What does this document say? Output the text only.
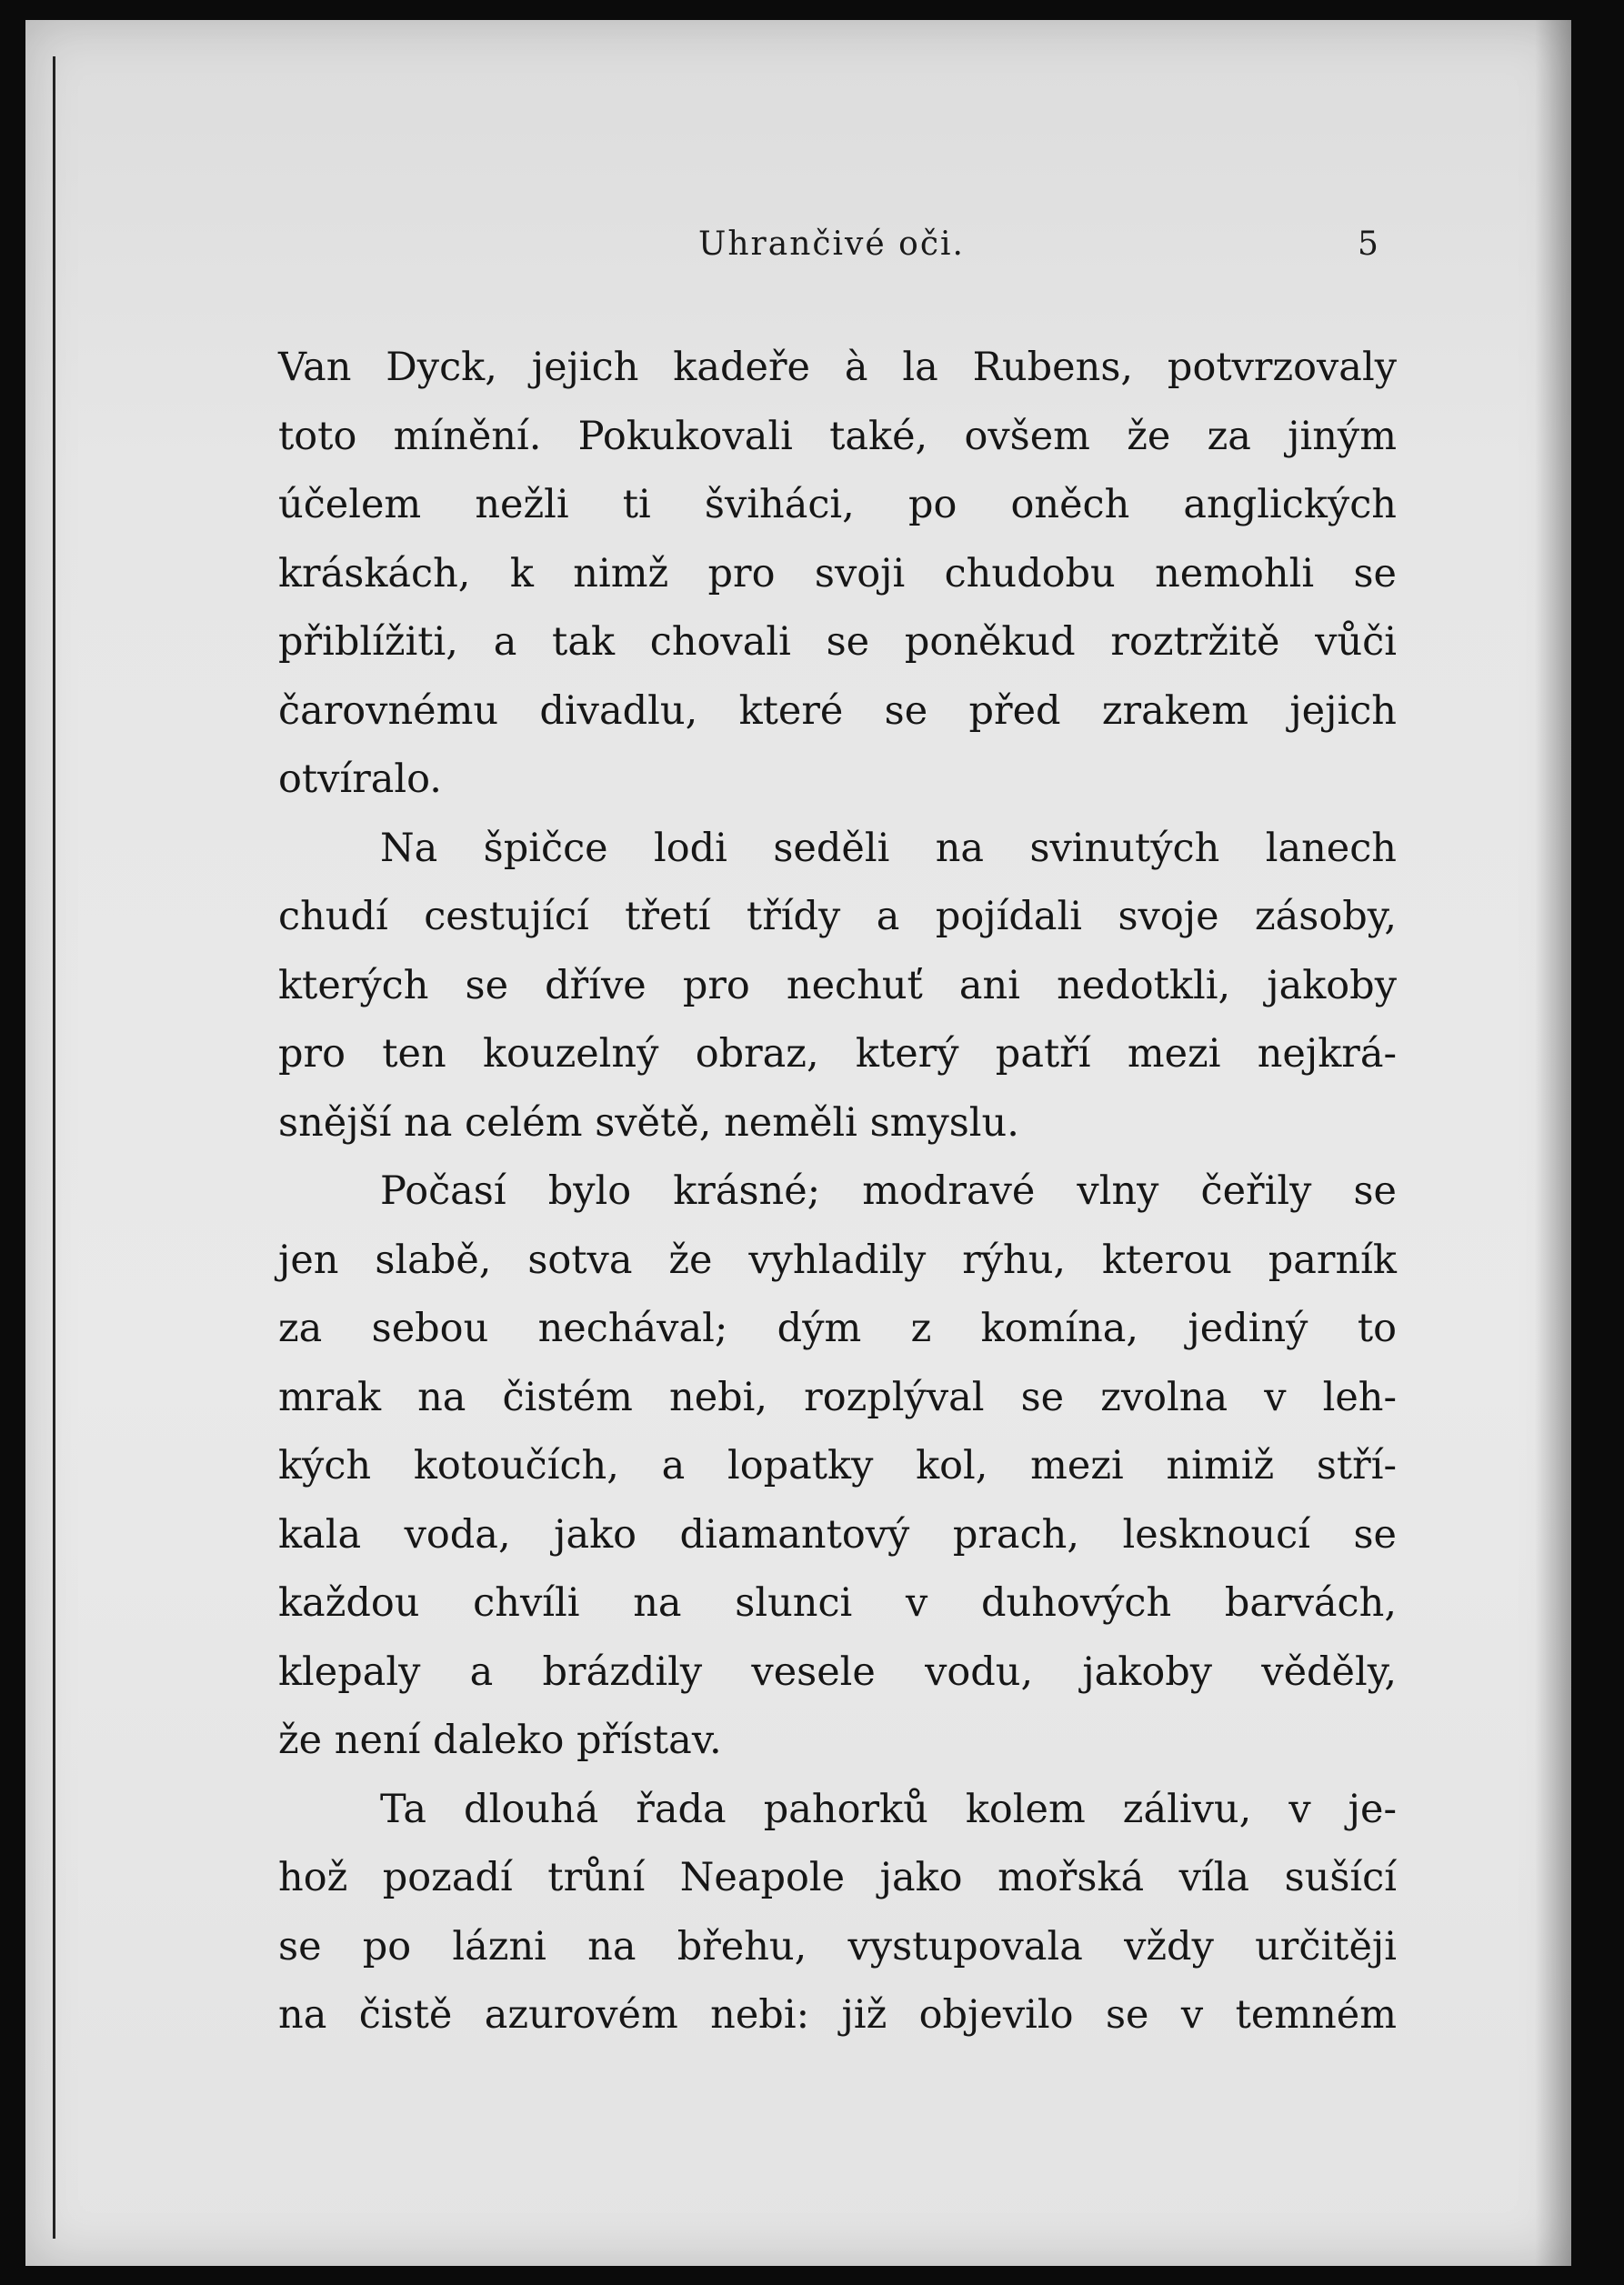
Uhrančivé oči.	5
Van Dyck, jejich kadeře à la Rubens, potvrzovaly
toto mínění. Pokukovali také, ovšem že za jiným
účelem nežli ti šviháci, po oněch anglických
kráskách, k nimž pro svoji chudobu nemohli se
přiblížiti, a tak chovali se poněkud roztržitě vůči
čarovnému divadlu, které se před zrakem jejich
otvíralo.
Na špičce lodi seděli na svinutých lanech
chudí cestující třetí třídy a pojídali svoje zásoby,
kterých se dříve pro nechuť ani nedotkli, jakoby
pro ten kouzelný obraz, který patří mezi nejkrá-
snější na celém světě, neměli smyslu.
Počasí bylo krásné; modravé vlny čeřily se
jen slabě, sotva že vyhladily rýhu, kterou parník
za sebou nechával; dým z komína, jediný to
mrak na čistém nebi, rozplýval se zvolna v leh-
kých kotoučích, a lopatky kol, mezi nimiž stří-
kala voda, jako diamantový prach, lesknoucí se
každou chvíli na slunci v duhových barvách,
klepaly a brázdily vesele vodu, jakoby věděly,
že není daleko přístav.
Ta dlouhá řada pahorků kolem zálivu, v je-
hož pozadí trůní Neapole jako mořská víla sušící
se po lázni na břehu, vystupovala vždy určitěji
na čistě azurovém nebi: již objevilo se v temném
